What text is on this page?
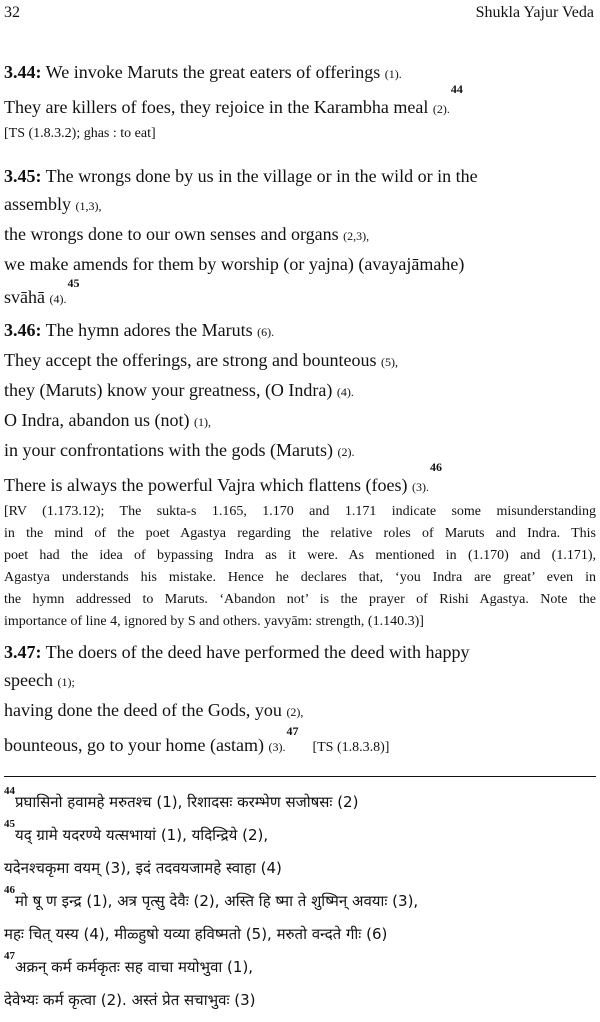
32	Shukla Yajur Veda
3.44: We invoke Maruts the great eaters of offerings (1).
They are killers of foes, they rejoice in the Karambha meal (2).$^{44}$
[TS (1.8.3.2); ghas : to eat]
3.45: The wrongs done by us in the village or in the wild or in the
assembly (1,3),
the wrongs done to our own senses and organs (2,3),
we make amends for them by worship (or yajna) (avayajāmahe)
svāhā (4).$^{45}$
3.46: The hymn adores the Maruts (6).
They accept the offerings, are strong and bounteous (5),
they (Maruts) know your greatness, (O Indra) (4).
O Indra, abandon us (not) (1),
in your confrontations with the gods (Maruts) (2).
There is always the powerful Vajra which flattens (foes) (3).$^{46}$
[RV (1.173.12); The sukta-s 1.165, 1.170 and 1.171 indicate some misunderstanding
in the mind of the poet Agastya regarding the relative roles of Maruts and Indra. This
poet had the idea of bypassing Indra as it were. As mentioned in (1.170) and (1.171),
Agastya understands his mistake. Hence he declares that, ‘you Indra are great’ even in
the hymn addressed to Maruts. ‘Abandon not’ is the prayer of Rishi Agastya. Note the
importance of line 4, ignored by S and others. yavyām: strength, (1.140.3)]
3.47: The doers of the deed have performed the deed with happy
speech (1);
having done the deed of the Gods, you (2),
bounteous, go to your home (astam) (3).$^{47}$[TS (1.8.3.8)]
$^{44}$प्रघासिनो हवामहे मरुतश्च (1), रिशादसः करम्भेण सजोषसः (2)
$^{45}$यद् ग्रामे यदरण्ये यत्सभायां (1), यदिन्द्रिये (2),
यदेनश्चकृमा वयम् (3), इदं तदवयजामहे स्वाहा (4)
$^{46}$मो षू ण इन्द्र (1), अत्र पृत्सु देवैः (2), अस्ति हि ष्मा ते शुष्मिन् अवयाः (3),
महः चित् यस्य (4), मीळ्हुषो यव्या हविष्मतो (5), मरुतो वन्दते गीः (6)
$^{47}$अक्रन् कर्म कर्मकृतः सह वाचा मयोभुवा (1),
देवेभ्यः कर्म कृत्वा (2). अस्तं प्रेत सचाभुवः (3)
